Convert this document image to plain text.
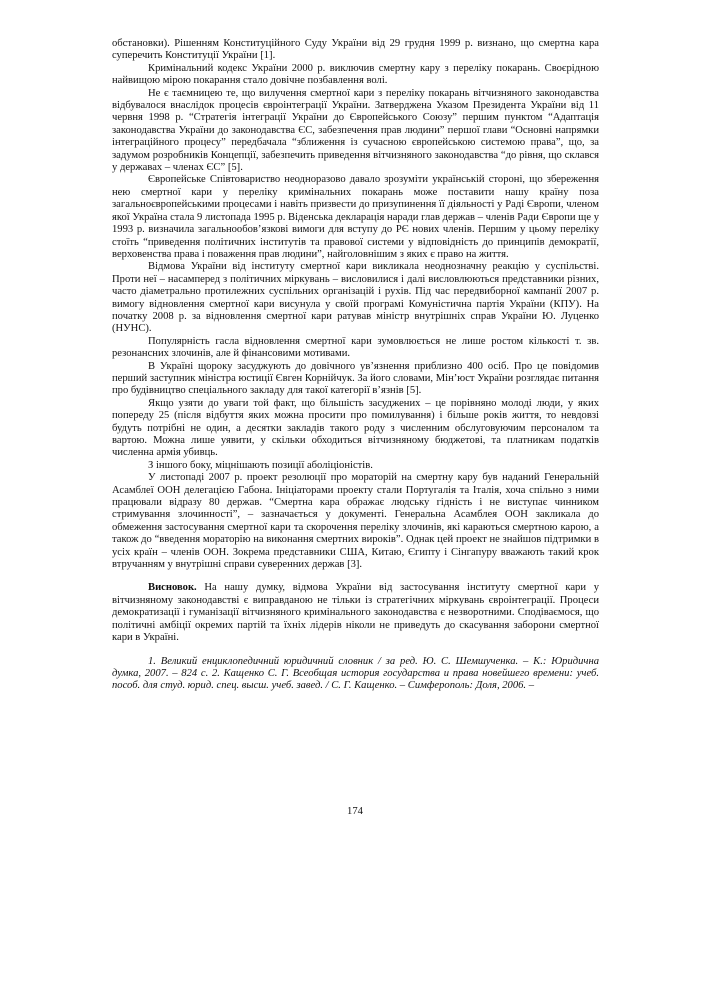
обстановки). Рішенням Конституційного Суду України від 29 грудня 1999 р. визнано, що смертна кара суперечить Конституції України [1].

Кримінальний кодекс України 2000 р. виключив смертну кару з переліку покарань. Своєрідною найвищою мірою покарання стало довічне позбавлення волі.

Не є таємницею те, що вилучення смертної кари з переліку покарань вітчизняного законодавства відбувалося внаслідок процесів євроінтеграції України. Затверджена Указом Президента України від 11 червня 1998 р. “Стратегія інтеграції України до Європейського Союзу” першим пунктом “Адаптація законодавства України до законодавства ЄС, забезпечення прав людини” першої глави “Основні напрямки інтеграційного процесу” передбачала “зближення із сучасною європейською системою права”, що, за задумом розробників Концепції, забезпечить приведення вітчизняного законодавства “до рівня, що склався у державах – членах ЄС” [5].

Європейське Співтовариство неодноразово давало зрозуміти українській стороні, що збереження нею смертної кари у переліку кримінальних покарань може поставити нашу країну поза загальноєвропейськими процесами і навіть призвести до призупинення її діяльності у Раді Європи, членом якої Україна стала 9 листопада 1995 р. Віденська декларація наради глав держав – членів Ради Європи ще у 1993 р. визначила загальнообов’язкові вимоги для вступу до РЄ нових членів. Першим у цьому переліку стоїть “приведення політичних інститутів та правової системи у відповідність до принципів демократії, верховенства права і поваження прав людини”, найголовнішим з яких є право на життя.

Відмова України від інституту смертної кари викликала неоднозначну реакцію у суспільстві. Проти неї – насамперед з політичних міркувань – висловилися і далі висловлюються представники різних, часто діаметрально протилежних суспільних організацій і рухів. Під час передвиборної кампанії 2007 р. вимогу відновлення смертної кари висунула у своїй програмі Комуністична партія України (КПУ). На початку 2008 р. за відновлення смертної кари ратував міністр внутрішніх справ України Ю. Луценко (НУНС).

Популярність гасла відновлення смертної кари зумовлюється не лише ростом кількості т. зв. резонансних злочинів, але й фінансовими мотивами.

В Україні щороку засуджують до довічного ув’язнення приблизно 400 осіб. Про це повідомив перший заступник міністра юстиції Євген Корнійчук. За його словами, Мін’юст України розглядає питання про будівництво спеціального закладу для такої категорії в’язнів [5].

Якщо узяти до уваги той факт, що більшість засуджених – це порівняно молоді люди, у яких попереду 25 (після відбуття яких можна просити про помилування) і більше років життя, то невдовзі будуть потрібні не один, а десятки закладів такого роду з численним обслуговуючим персоналом та вартою. Можна лише уявити, у скільки обходиться вітчизняному бюджетові, та платникам податків численна армія убивць.

З іншого боку, міцнішають позиції аболіціоністів.

У листопаді 2007 р. проект резолюції про мораторій на смертну кару був наданий Генеральній Асамблеї ООН делегацією Габона. Ініціаторами проекту стали Португалія та Італія, хоча спільно з ними працювали відразу 80 держав. “Смертна кара ображає людську гідність і не виступає чинником стримування злочинності”, – зазначається у документі. Генеральна Асамблея ООН закликала до обмеження застосування смертної кари та скорочення переліку злочинів, які караються смертною карою, а також до “введення мораторію на виконання смертних вироків”. Однак цей проект не знайшов підтримки в усіх країн – членів ООН. Зокрема представники США, Китаю, Єгипту і Сінгапуру вважають такий крок втручанням у внутрішні справи суверенних держав [3].

Висновок. На нашу думку, відмова України від застосування інституту смертної кари у вітчизняному законодавстві є виправданою не тільки із стратегічних міркувань євроінтеграції. Процеси демократизації і гуманізації вітчизняного кримінального законодавства є незворотними. Сподіваємося, що політичні амбіції окремих партій та їхніх лідерів ніколи не приведуть до скасування заборони смертної кари в Україні.

1. Великий енциклопедичний юридичний словник / за ред. Ю. С. Шемшученка. – К.: Юридична думка, 2007. – 824 с. 2. Кащенко С. Г. Всеобщая история государства и права новейшего времени: учеб. пособ. для студ. юрид. спец. высш. учеб. завед. / С. Г. Кащенко. – Симферополь: Доля, 2006. –

174
